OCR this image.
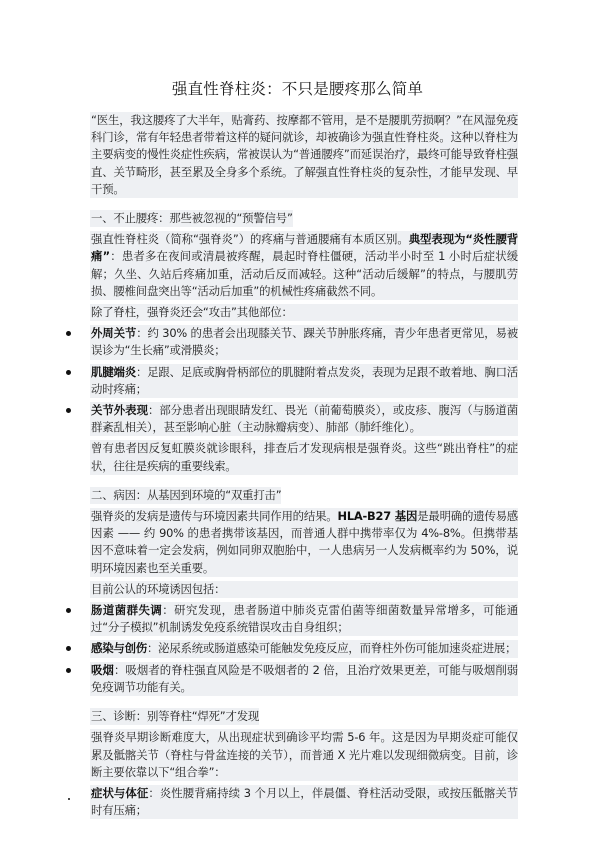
强直性脊柱炎：不只是腰疼那么简单
“医生，我这腰疼了大半年，贴膏药、按摩都不管用，是不是腰肌劳损啊？”在风湿免疫科门诊，常有年轻患者带着这样的疑问就诊，却被确诊为强直性脊柱炎。这种以脊柱为主要病变的慢性炎症性疾病，常被误认为“普通腰疼”而延误治疗，最终可能导致脊柱强直、关节畸形，甚至累及全身多个系统。了解强直性脊柱炎的复杂性，才能早发现、早干预。
一、不止腰疼：那些被忽视的“预警信号”
强直性脊柱炎（简称“强脊炎”）的疼痛与普通腰痛有本质区别。典型表现为“炎性腰背痛”：患者多在夜间或清晨被疼醒，晨起时脊柱僵硬，活动半小时至 1 小时后症状缓解；久坐、久站后疼痛加重，活动后反而减轻。这种“活动后缓解”的特点，与腰肌劳损、腰椎间盘突出等“活动后加重”的机械性疼痛截然不同。
除了脊柱，强脊炎还会“攻击”其他部位：
外周关节：约 30% 的患者会出现膝关节、踝关节肿胀疼痛，青少年患者更常见，易被误诊为“生长痛”或滑膜炎；
肌腱端炎：足跟、足底或胸骨柄部位的肌腱附着点发炎，表现为足跟不敢着地、胸口活动时疼痛；
关节外表现：部分患者出现眼睛发红、畏光（前葡萄膜炎），或皮疹、腹泻（与肠道菌群紊乱相关），甚至影响心脏（主动脉瓣病变）、肺部（肺纤维化）。
曾有患者因反复虹膜炎就诊眼科，排查后才发现病根是强脊炎。这些“跳出脊柱”的症状，往往是疾病的重要线索。
二、病因：从基因到环境的“双重打击”
强脊炎的发病是遗传与环境因素共同作用的结果。HLA-B27 基因是最明确的遗传易感因素 —— 约 90% 的患者携带该基因，而普通人群中携带率仅为 4%-8%。但携带基因不意味着一定会发病，例如同卵双胞胎中，一人患病另一人发病概率约为 50%，说明环境因素也至关重要。
目前公认的环境诱因包括：
肠道菌群失调：研究发现，患者肠道中肺炎克雷伯菌等细菌数量异常增多，可能通过“分子模拟”机制诱发免疫系统错误攻击自身组织；
感染与创伤：泌尿系统或肠道感染可能触发免疫反应，而脊柱外伤可能加速炎症进展；
吸烟：吸烟者的脊柱强直风险是不吸烟者的 2 倍，且治疗效果更差，可能与吸烟削弱免疫调节功能有关。
三、诊断：别等脊柱“焊死”才发现
强脊炎早期诊断难度大，从出现症状到确诊平均需 5-6 年。这是因为早期炎症可能仅累及骶髂关节（脊柱与骨盆连接的关节），而普通 X 光片难以发现细微病变。目前，诊断主要依靠以下“组合拳”：
症状与体征：炎性腰背痛持续 3 个月以上，伴晨僵、脊柱活动受限，或按压骶髂关节时有压痛；
